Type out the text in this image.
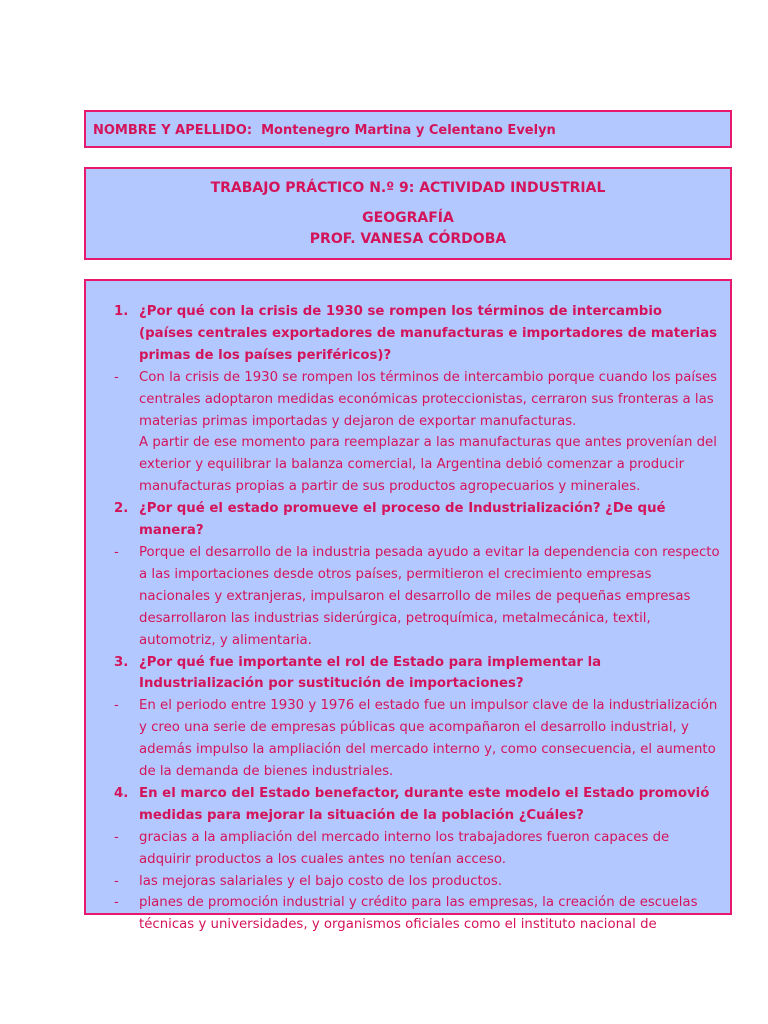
NOMBRE Y APELLIDO: Montenegro Martina y Celentano Evelyn
TRABAJO PRÁCTICO N.º 9: ACTIVIDAD INDUSTRIAL
GEOGRAFÍA
PROF. VANESA CÓRDOBA
1. ¿Por qué con la crisis de 1930 se rompen los términos de intercambio (países centrales exportadores de manufacturas e importadores de materias primas de los países periféricos)?
- Con la crisis de 1930 se rompen los términos de intercambio porque cuando los países centrales adoptaron medidas económicas proteccionistas, cerraron sus fronteras a las materias primas importadas y dejaron de exportar manufacturas.
A partir de ese momento para reemplazar a las manufacturas que antes provenían del exterior y equilibrar la balanza comercial, la Argentina debió comenzar a producir manufacturas propias a partir de sus productos agropecuarios y minerales.
2. ¿Por qué el estado promueve el proceso de Industrialización? ¿De qué manera?
- Porque el desarrollo de la industria pesada ayudo a evitar la dependencia con respecto a las importaciones desde otros países, permitieron el crecimiento empresas nacionales y extranjeras, impulsaron el desarrollo de miles de pequeñas empresas desarrollaron las industrias siderúrgica, petroquímica, metalmecánica, textil, automotriz, y alimentaria.
3. ¿Por qué fue importante el rol de Estado para implementar la Industrialización por sustitución de importaciones?
- En el periodo entre 1930 y 1976 el estado fue un impulsor clave de la industrialización y creo una serie de empresas públicas que acompañaron el desarrollo industrial, y además impulso la ampliación del mercado interno y, como consecuencia, el aumento de la demanda de bienes industriales.
4. En el marco del Estado benefactor, durante este modelo el Estado promovió medidas para mejorar la situación de la población ¿Cuáles?
- gracias a la ampliación del mercado interno los trabajadores fueron capaces de adquirir productos a los cuales antes no tenían acceso.
- las mejoras salariales y el bajo costo de los productos.
- planes de promoción industrial y crédito para las empresas, la creación de escuelas técnicas y universidades, y organismos oficiales como el instituto nacional de
